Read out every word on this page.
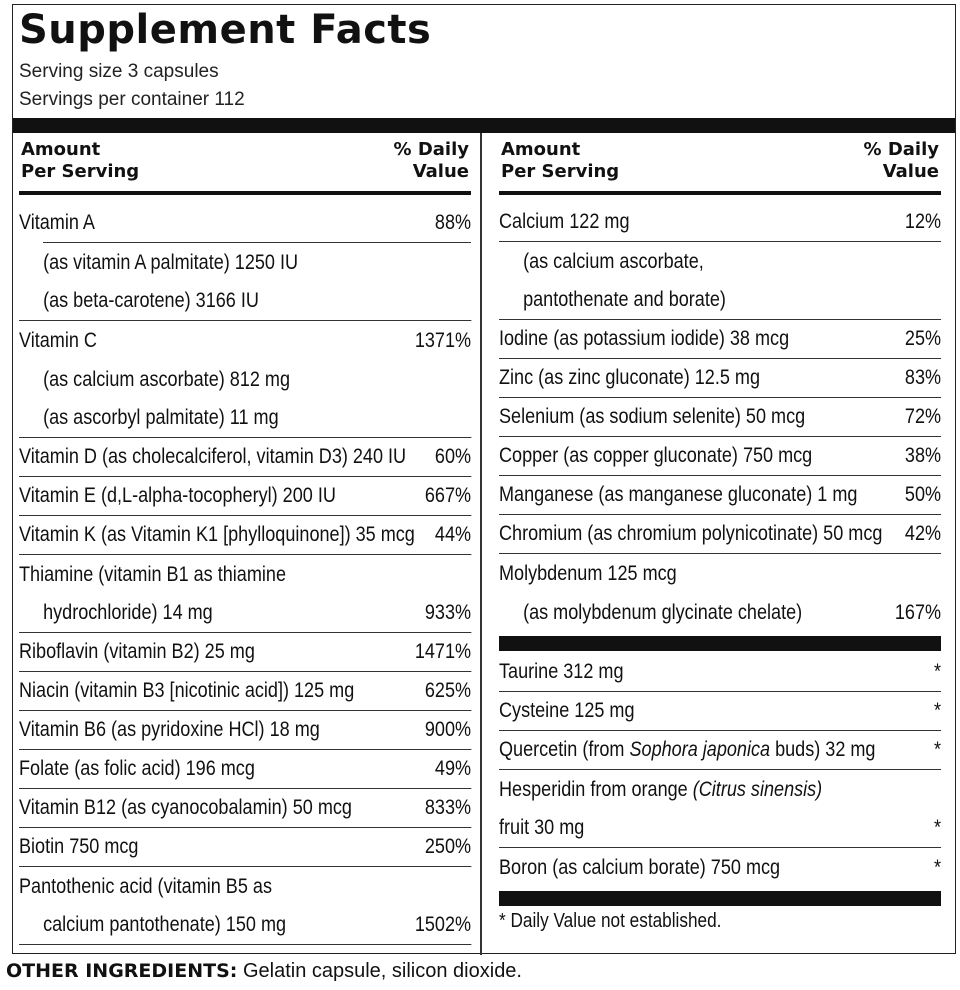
Supplement Facts
Serving size 3 capsules
Servings per container 112
Amount
Per Serving
% Daily
Value
Vitamin A	88%
(as vitamin A palmitate) 1250 IU
(as beta-carotene) 3166 IU
Vitamin C	1371%
(as calcium ascorbate) 812 mg
(as ascorbyl palmitate) 11 mg
Vitamin D (as cholecalciferol, vitamin D3) 240 IU 60%
Vitamin E (d,L-alpha-tocopheryl) 200 IU	667%
Vitamin K (as Vitamin K1 [phylloquinone]) 35 mcg 44%
Thiamine (vitamin B1 as thiamine
hydrochloride) 14 mg	933%
Riboflavin (vitamin B2) 25 mg	1471%
Niacin (vitamin B3 [nicotinic acid]) 125 mg	625%
Vitamin B6 (as pyridoxine HCl) 18 mg	900%
Folate (as folic acid) 196 mcg	49%
Vitamin B12 (as cyanocobalamin) 50 mcg	833%
Biotin 750 mcg	250%
Pantothenic acid (vitamin B5 as
calcium pantothenate) 150 mg	1502%
Amount
Per Serving
% Daily
Value
Calcium 122 mg	12%
(as calcium ascorbate,
pantothenate and borate)
Iodine (as potassium iodide) 38 mcg	25%
Zinc (as zinc gluconate) 12.5 mg	83%
Selenium (as sodium selenite) 50 mcg	72%
Copper (as copper gluconate) 750 mcg	38%
Manganese (as manganese gluconate) 1 mg 50%
Chromium (as chromium polynicotinate) 50 mcg 42%
Molybdenum 125 mcg
(as molybdenum glycinate chelate)	167%
Taurine 312 mg	*
Cysteine 125 mg	*
Quercetin (from Sophora japonica buds) 32 mg	*
Hesperidin from orange (Citrus sinensis)
fruit 30 mg	*
Boron (as calcium borate) 750 mcg	*
* Daily Value not established.
OTHER INGREDIENTS: Gelatin capsule, silicon dioxide.
